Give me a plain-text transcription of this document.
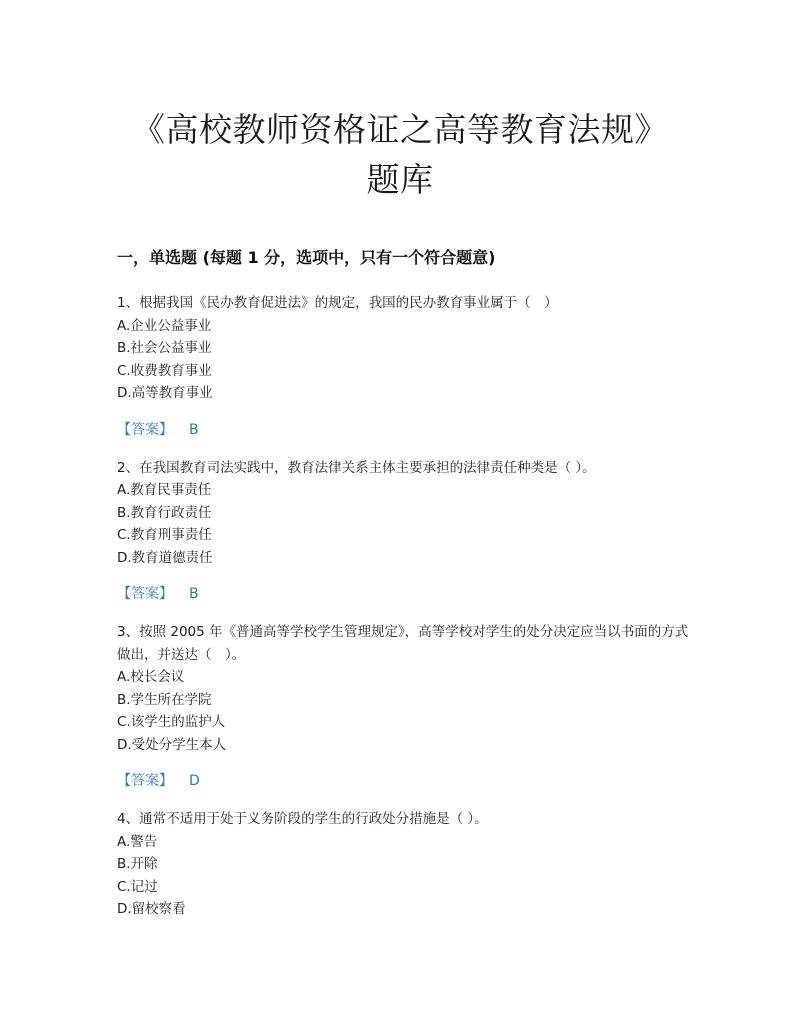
《高校教师资格证之高等教育法规》
题库
一，单选题 (每题 1 分，选项中，只有一个符合题意)
1、根据我国《民办教育促进法》的规定，我国的民办教育事业属于（　）
A.企业公益事业
B.社会公益事业
C.收费教育事业
D.高等教育事业
【答案】 B
2、在我国教育司法实践中，教育法律关系主体主要承担的法律责任种类是（ ）。
A.教育民事责任
B.教育行政责任
C.教育刑事责任
D.教育道德责任
【答案】 B
3、按照 2005 年《普通高等学校学生管理规定》，高等学校对学生的处分决定应当以书面的方式做出，并送达（　）。
A.校长会议
B.学生所在学院
C.该学生的监护人
D.受处分学生本人
【答案】 D
4、通常不适用于处于义务阶段的学生的行政处分措施是（ ）。
A.警告
B.开除
C.记过
D.留校察看
